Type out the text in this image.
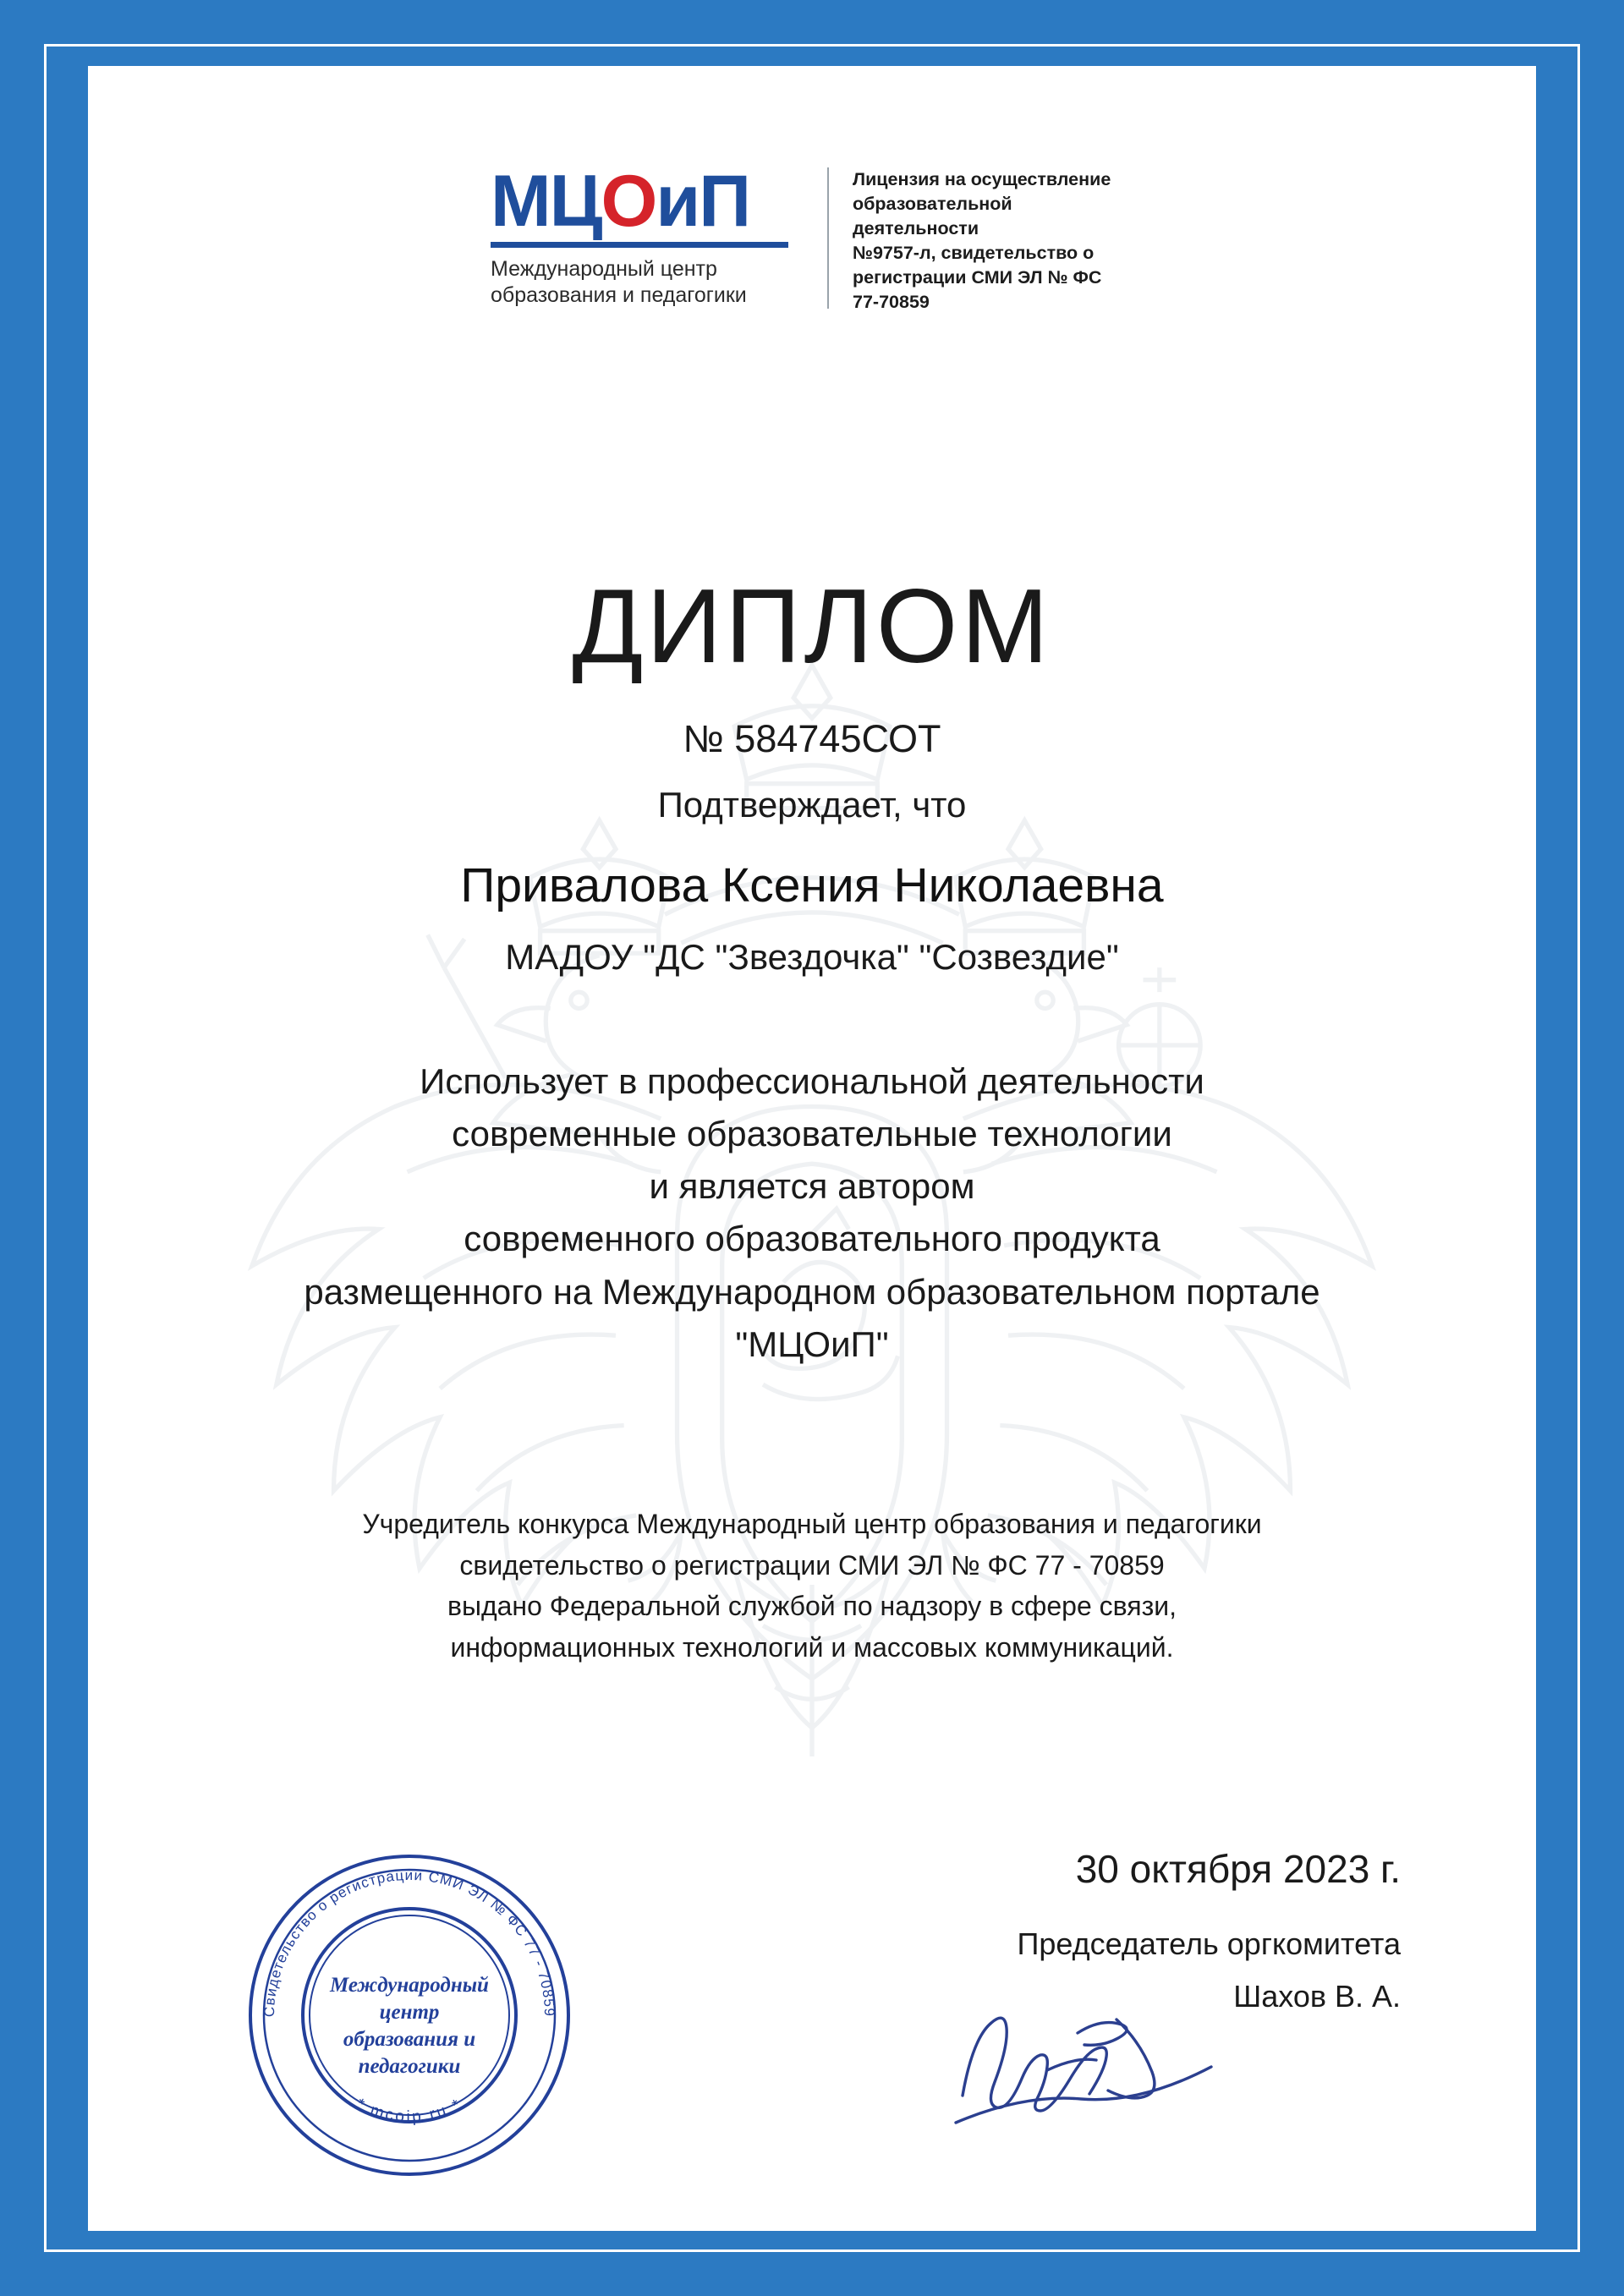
МЦОиП
Международный центр
образования и педагогики
Лицензия на осуществление
образовательной деятельности
№9757-л, свидетельство о
регистрации СМИ ЭЛ № ФС
77-70859
ДИПЛОМ
№ 584745СОТ
Подтверждает, что
Привалова Ксения Николаевна
МАДОУ "ДС "Звездочка" "Созвездие"
Использует в профессиональной деятельности
современные образовательные технологии
и является автором
современного образовательного продукта
размещенного на Международном образовательном портале
"МЦОиП"
Учредитель конкурса Международный центр образования и педагогики
свидетельство о регистрации СМИ ЭЛ № ФС 77 - 70859
выдано Федеральной службой по надзору в сфере связи,
информационных технологий и массовых коммуникаций.
30 октября 2023 г.
Председатель оргкомитета
Шахов В. А.
Свидетельство о регистрации СМИ ЭЛ № ФС 77 - 70859
* mcoip.ru *
Международный
центр
образования и
педагогики
